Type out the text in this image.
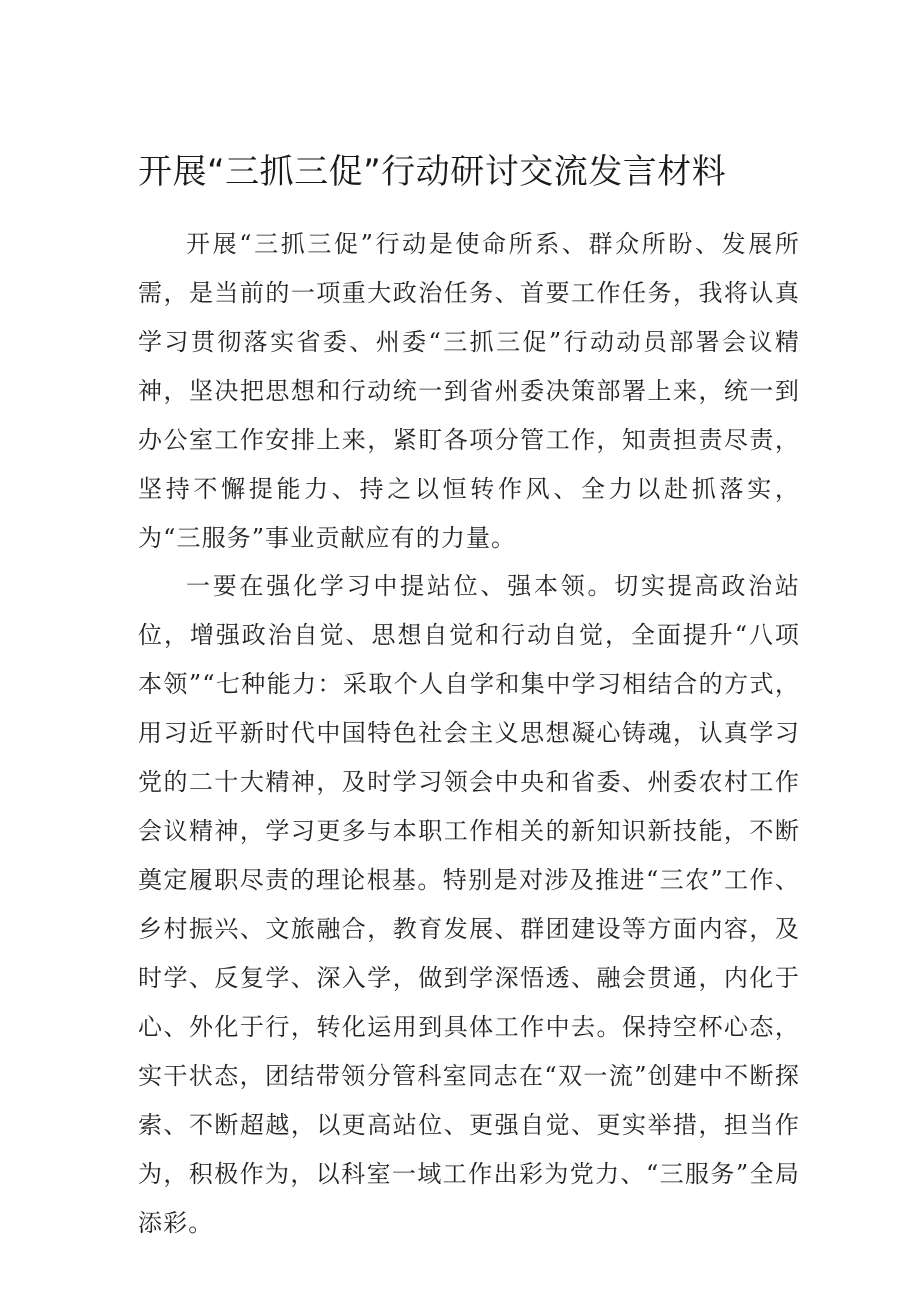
开展“三抓三促”行动研讨交流发言材料

开展“三抓三促”行动是使命所系、群众所盼、发展所需，是当前的一项重大政治任务、首要工作任务，我将认真学习贯彻落实省委、州委“三抓三促”行动动员部署会议精神，坚决把思想和行动统一到省州委决策部署上来，统一到办公室工作安排上来，紧盯各项分管工作，知责担责尽责，坚持不懈提能力、持之以恒转作风、全力以赴抓落实，为“三服务”事业贡献应有的力量。

一要在强化学习中提站位、强本领。切实提高政治站位，增强政治自觉、思想自觉和行动自觉，全面提升“八项本领”“七种能力：采取个人自学和集中学习相结合的方式，用习近平新时代中国特色社会主义思想凝心铸魂，认真学习党的二十大精神，及时学习领会中央和省委、州委农村工作会议精神，学习更多与本职工作相关的新知识新技能，不断奠定履职尽责的理论根基。特别是对涉及推进“三农”工作、乡村振兴、文旅融合，教育发展、群团建设等方面内容，及时学、反复学、深入学，做到学深悟透、融会贯通，内化于心、外化于行，转化运用到具体工作中去。保持空杯心态，实干状态，团结带领分管科室同志在“双一流”创建中不断探索、不断超越，以更高站位、更强自觉、更实举措，担当作为，积极作为，以科室一域工作出彩为党力、“三服务”全局添彩。
